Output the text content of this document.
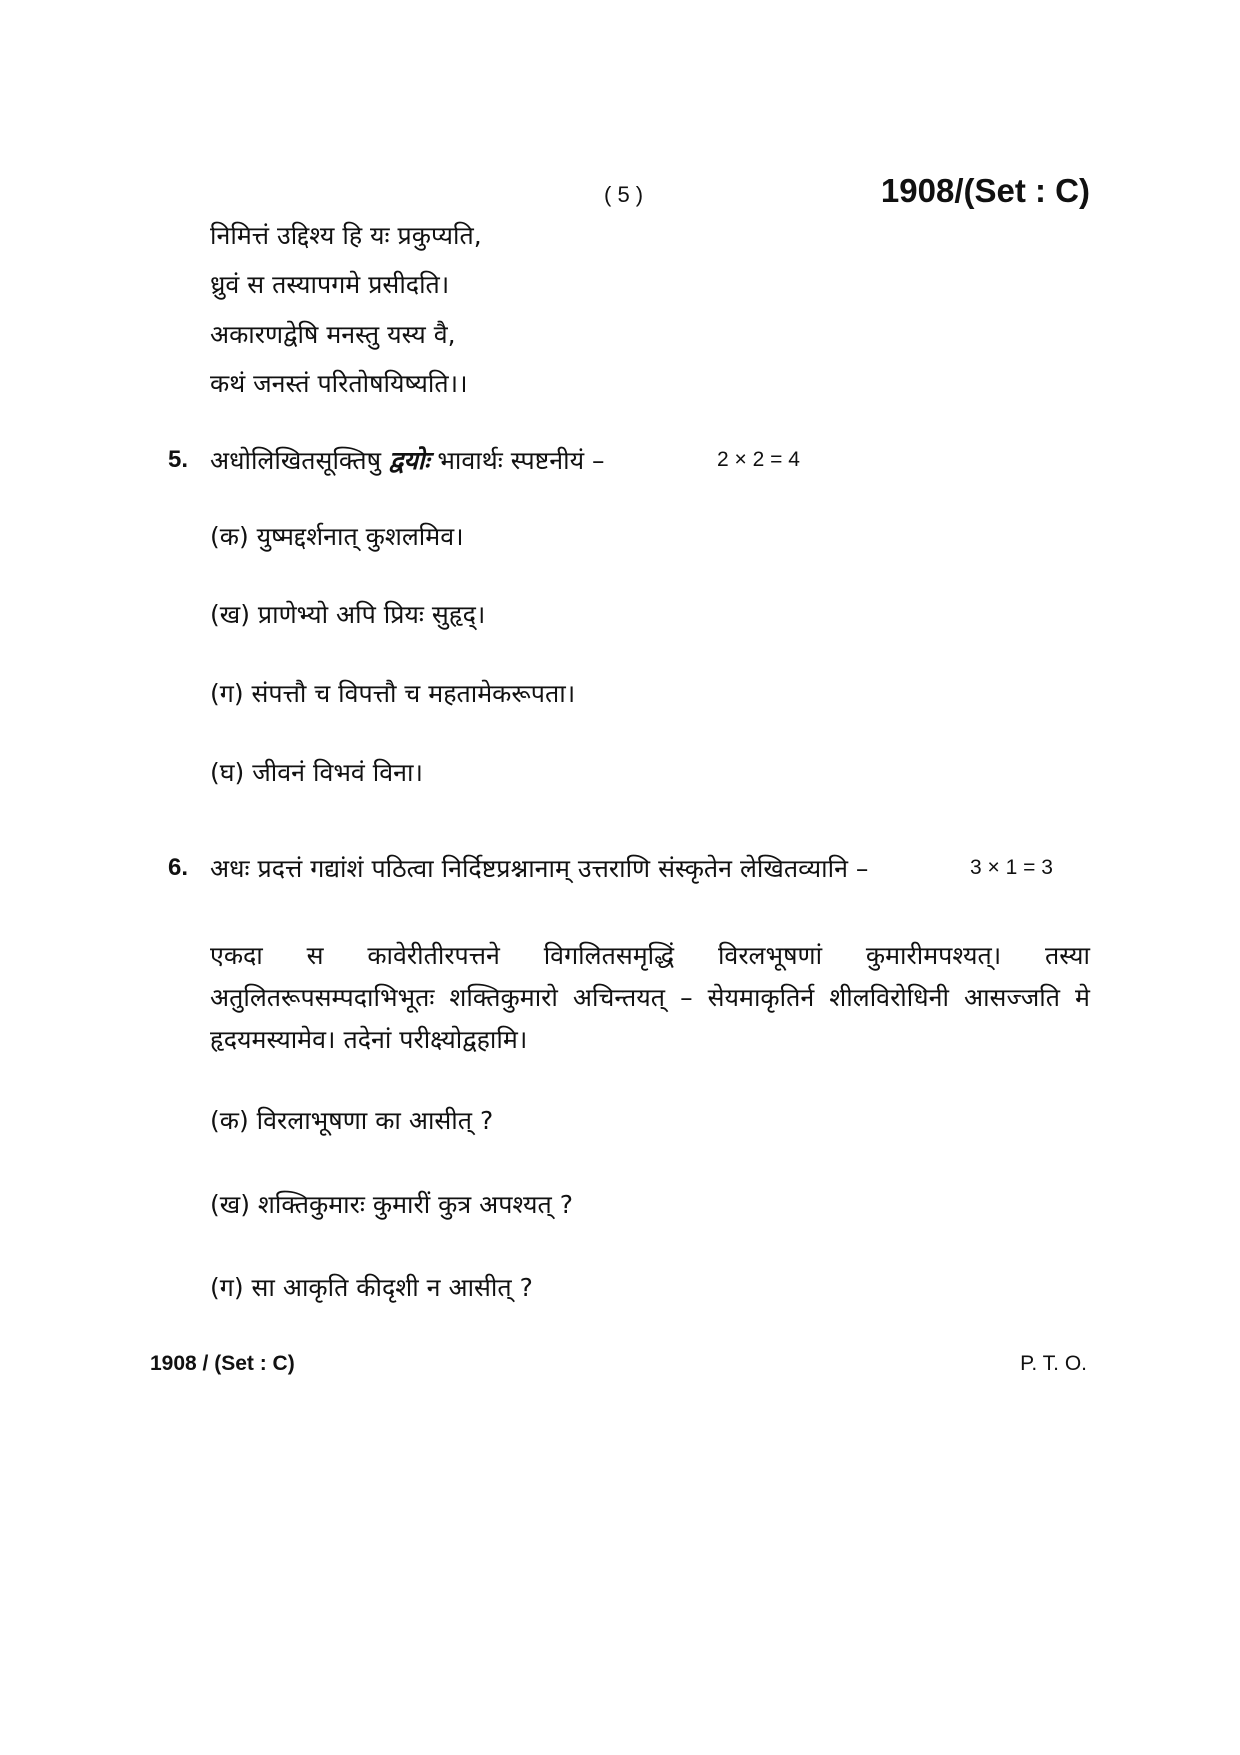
( 5 )	1908/(Set : C)
निमित्तं उद्दिश्य हि यः प्रकुप्यति,
ध्रुवं स तस्यापगमे प्रसीदति।
अकारणद्वेषि मनस्तु यस्य वै,
कथं जनस्तं परितोषयिष्यति।।
5. अधोलिखितसूक्तिषु द्वयोः भावार्थः स्पष्टनीयं –	2 × 2 = 4
(क) युष्मद्दर्शनात् कुशलमिव।
(ख) प्राणेभ्यो अपि प्रियः सुहृद्।
(ग) संपत्तौ च विपत्तौ च महतामेकरूपता।
(घ) जीवनं विभवं विना।
6. अधः प्रदत्तं गद्यांशं पठित्वा निर्दिष्टप्रश्नानाम् उत्तराणि संस्कृतेन लेखितव्यानि –	3 × 1 = 3
एकदा स कावेरीतीरपत्तने विगलितसमृद्धिं विरलभूषणां कुमारीमपश्यत्। तस्या अतुलितरूपसम्पदाभिभूतः शक्तिकुमारो अचिन्तयत् – सेयमाकृतिर्न शीलविरोधिनी आसज्जति मे हृदयमस्यामेव। तदेनां परीक्ष्योद्वहामि।
(क) विरलाभूषणा का आसीत् ?
(ख) शक्तिकुमारः कुमारीं कुत्र अपश्यत् ?
(ग) सा आकृति कीदृशी न आसीत् ?
1908 / (Set : C)	P. T. O.
